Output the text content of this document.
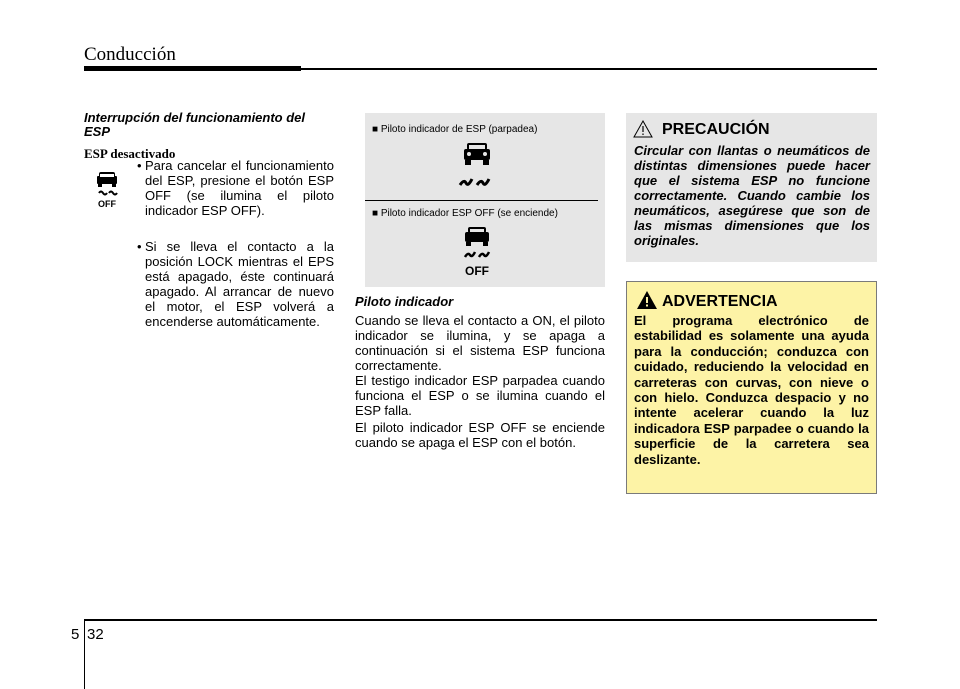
Conducción
Interrupción del funcionamiento del ESP
ESP desactivado
OFF
• Para cancelar el funcionamiento del ESP, presione el botón ESP OFF (se ilumina el piloto indicador ESP OFF).
• Si se lleva el contacto a la posición LOCK mientras el EPS está apagado, éste continuará apagado. Al arrancar de nuevo el motor, el ESP volverá a encenderse automáticamente.
■ Piloto indicador de ESP (parpadea)
■ Piloto indicador ESP OFF (se enciende)
OFF
Piloto indicador
Cuando se lleva el contacto a ON, el piloto indicador se ilumina, y se apaga a continuación si el sistema ESP funciona correctamente.
El testigo indicador ESP parpadea cuando funciona el ESP o se ilumina cuando el ESP falla.
El piloto indicador ESP OFF se enciende cuando se apaga el ESP con el botón.
PRECAUCIÓN
Circular con llantas o neumáticos de distintas dimensiones puede hacer que el sistema ESP no funcione correctamente. Cuando cambie los neumáticos, asegúrese que son de las mismas dimensiones que los originales.
ADVERTENCIA
El programa electrónico de estabilidad es solamente una ayuda para la conducción; conduzca con cuidado, reduciendo la velocidad en carreteras con curvas, con nieve o con hielo. Conduzca despacio y no intente acelerar cuando la luz indicadora ESP parpadee o cuando la superficie de la carretera sea deslizante.
5 32
